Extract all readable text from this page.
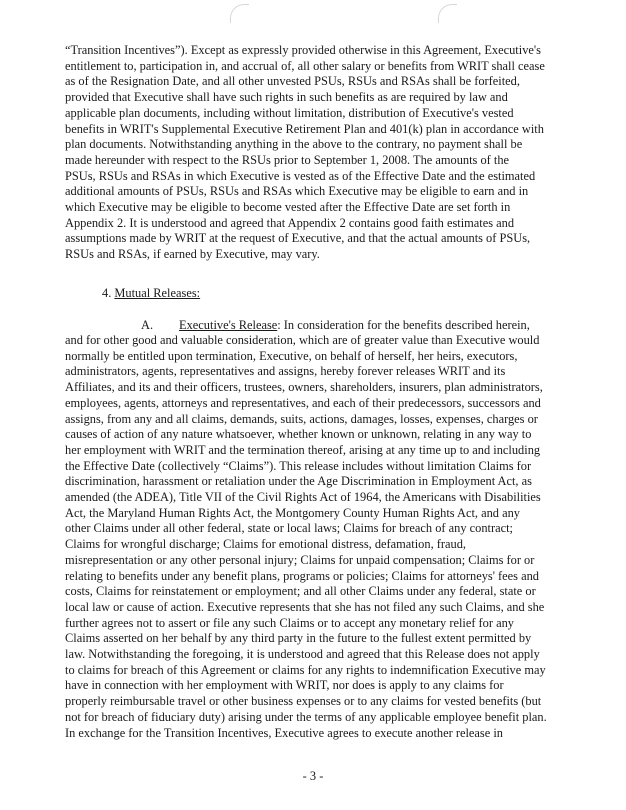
“Transition Incentives”). Except as expressly provided otherwise in this Agreement, Executive's
entitlement to, participation in, and accrual of, all other salary or benefits from WRIT shall cease
as of the Resignation Date, and all other unvested PSUs, RSUs and RSAs shall be forfeited,
provided that Executive shall have such rights in such benefits as are required by law and
applicable plan documents, including without limitation, distribution of Executive's vested
benefits in WRIT's Supplemental Executive Retirement Plan and 401(k) plan in accordance with
plan documents. Notwithstanding anything in the above to the contrary, no payment shall be
made hereunder with respect to the RSUs prior to September 1, 2008. The amounts of the
PSUs, RSUs and RSAs in which Executive is vested as of the Effective Date and the estimated
additional amounts of PSUs, RSUs and RSAs which Executive may be eligible to earn and in
which Executive may be eligible to become vested after the Effective Date are set forth in
Appendix 2. It is understood and agreed that Appendix 2 contains good faith estimates and
assumptions made by WRIT at the request of Executive, and that the actual amounts of PSUs,
RSUs and RSAs, if earned by Executive, may vary.
4. Mutual Releases:
A. Executive's Release: In consideration for the benefits described herein,
and for other good and valuable consideration, which are of greater value than Executive would
normally be entitled upon termination, Executive, on behalf of herself, her heirs, executors,
administrators, agents, representatives and assigns, hereby forever releases WRIT and its
Affiliates, and its and their officers, trustees, owners, shareholders, insurers, plan administrators,
employees, agents, attorneys and representatives, and each of their predecessors, successors and
assigns, from any and all claims, demands, suits, actions, damages, losses, expenses, charges or
causes of action of any nature whatsoever, whether known or unknown, relating in any way to
her employment with WRIT and the termination thereof, arising at any time up to and including
the Effective Date (collectively “Claims”). This release includes without limitation Claims for
discrimination, harassment or retaliation under the Age Discrimination in Employment Act, as
amended (the ADEA), Title VII of the Civil Rights Act of 1964, the Americans with Disabilities
Act, the Maryland Human Rights Act, the Montgomery County Human Rights Act, and any
other Claims under all other federal, state or local laws; Claims for breach of any contract;
Claims for wrongful discharge; Claims for emotional distress, defamation, fraud,
misrepresentation or any other personal injury; Claims for unpaid compensation; Claims for or
relating to benefits under any benefit plans, programs or policies; Claims for attorneys' fees and
costs, Claims for reinstatement or employment; and all other Claims under any federal, state or
local law or cause of action. Executive represents that she has not filed any such Claims, and she
further agrees not to assert or file any such Claims or to accept any monetary relief for any
Claims asserted on her behalf by any third party in the future to the fullest extent permitted by
law. Notwithstanding the foregoing, it is understood and agreed that this Release does not apply
to claims for breach of this Agreement or claims for any rights to indemnification Executive may
have in connection with her employment with WRIT, nor does is apply to any claims for
properly reimbursable travel or other business expenses or to any claims for vested benefits (but
not for breach of fiduciary duty) arising under the terms of any applicable employee benefit plan.
In exchange for the Transition Incentives, Executive agrees to execute another release in
- 3 -
